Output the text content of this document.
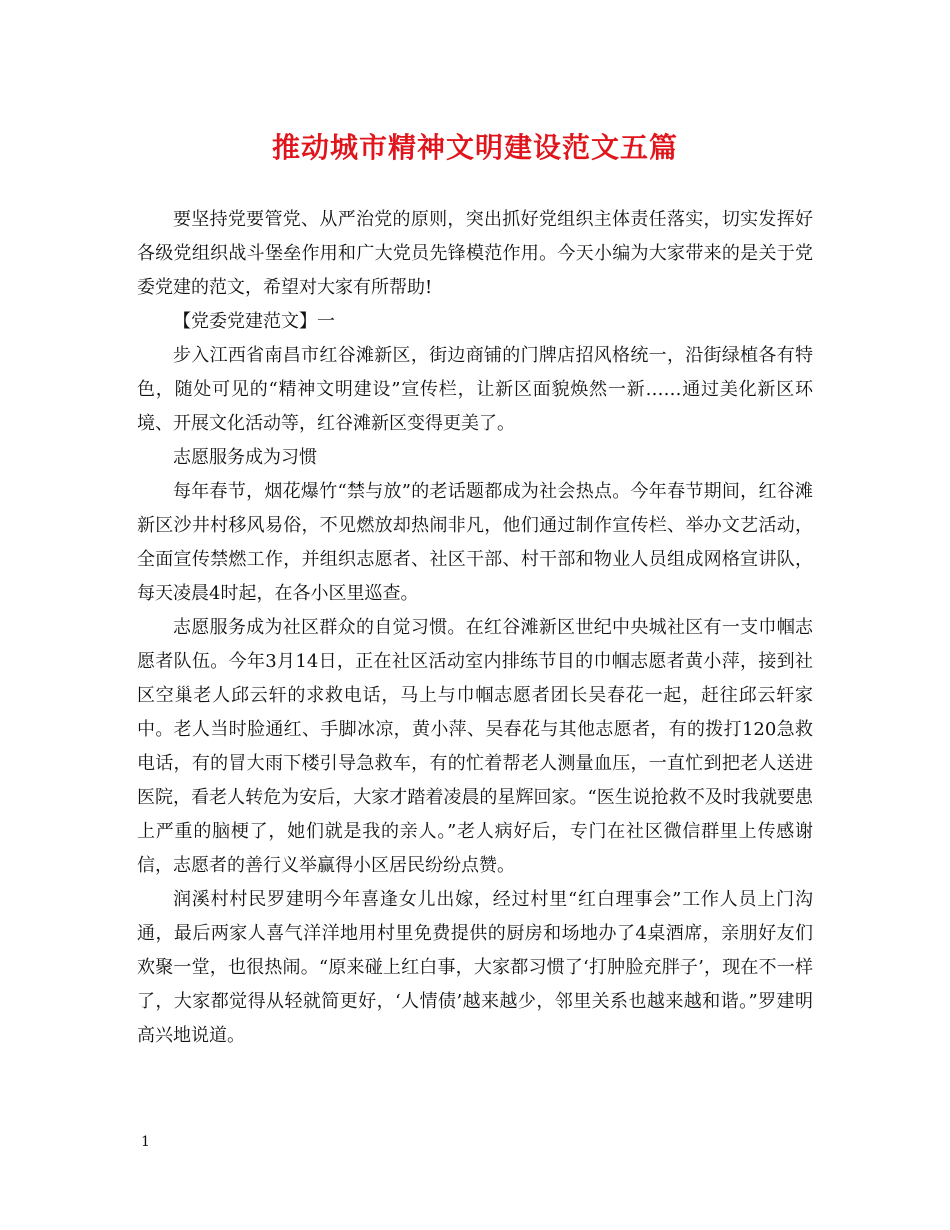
推动城市精神文明建设范文五篇

要坚持党要管党、从严治党的原则，突出抓好党组织主体责任落实，切实发挥好各级党组织战斗堡垒作用和广大党员先锋模范作用。今天小编为大家带来的是关于党委党建的范文，希望对大家有所帮助!

【党委党建范文】一

步入江西省南昌市红谷滩新区，街边商铺的门牌店招风格统一，沿街绿植各有特色，随处可见的“精神文明建设”宣传栏，让新区面貌焕然一新……通过美化新区环境、开展文化活动等，红谷滩新区变得更美了。

志愿服务成为习惯

每年春节，烟花爆竹“禁与放”的老话题都成为社会热点。今年春节期间，红谷滩新区沙井村移风易俗，不见燃放却热闹非凡，他们通过制作宣传栏、举办文艺活动，全面宣传禁燃工作，并组织志愿者、社区干部、村干部和物业人员组成网格宣讲队，每天凌晨4时起，在各小区里巡查。

志愿服务成为社区群众的自觉习惯。在红谷滩新区世纪中央城社区有一支巾帼志愿者队伍。今年3月14日，正在社区活动室内排练节目的巾帼志愿者黄小萍，接到社区空巢老人邱云轩的求救电话，马上与巾帼志愿者团长吴春花一起，赶往邱云轩家中。老人当时脸通红、手脚冰凉，黄小萍、吴春花与其他志愿者，有的拨打120急救电话，有的冒大雨下楼引导急救车，有的忙着帮老人测量血压，一直忙到把老人送进医院，看老人转危为安后，大家才踏着凌晨的星辉回家。“医生说抢救不及时我就要患上严重的脑梗了，她们就是我的亲人。”老人病好后，专门在社区微信群里上传感谢信，志愿者的善行义举赢得小区居民纷纷点赞。

润溪村村民罗建明今年喜逢女儿出嫁，经过村里“红白理事会”工作人员上门沟通，最后两家人喜气洋洋地用村里免费提供的厨房和场地办了4桌酒席，亲朋好友们欢聚一堂，也很热闹。“原来碰上红白事，大家都习惯了‘打肿脸充胖子’，现在不一样了，大家都觉得从轻就简更好，‘人情债’越来越少，邻里关系也越来越和谐。”罗建明高兴地说道。

1
